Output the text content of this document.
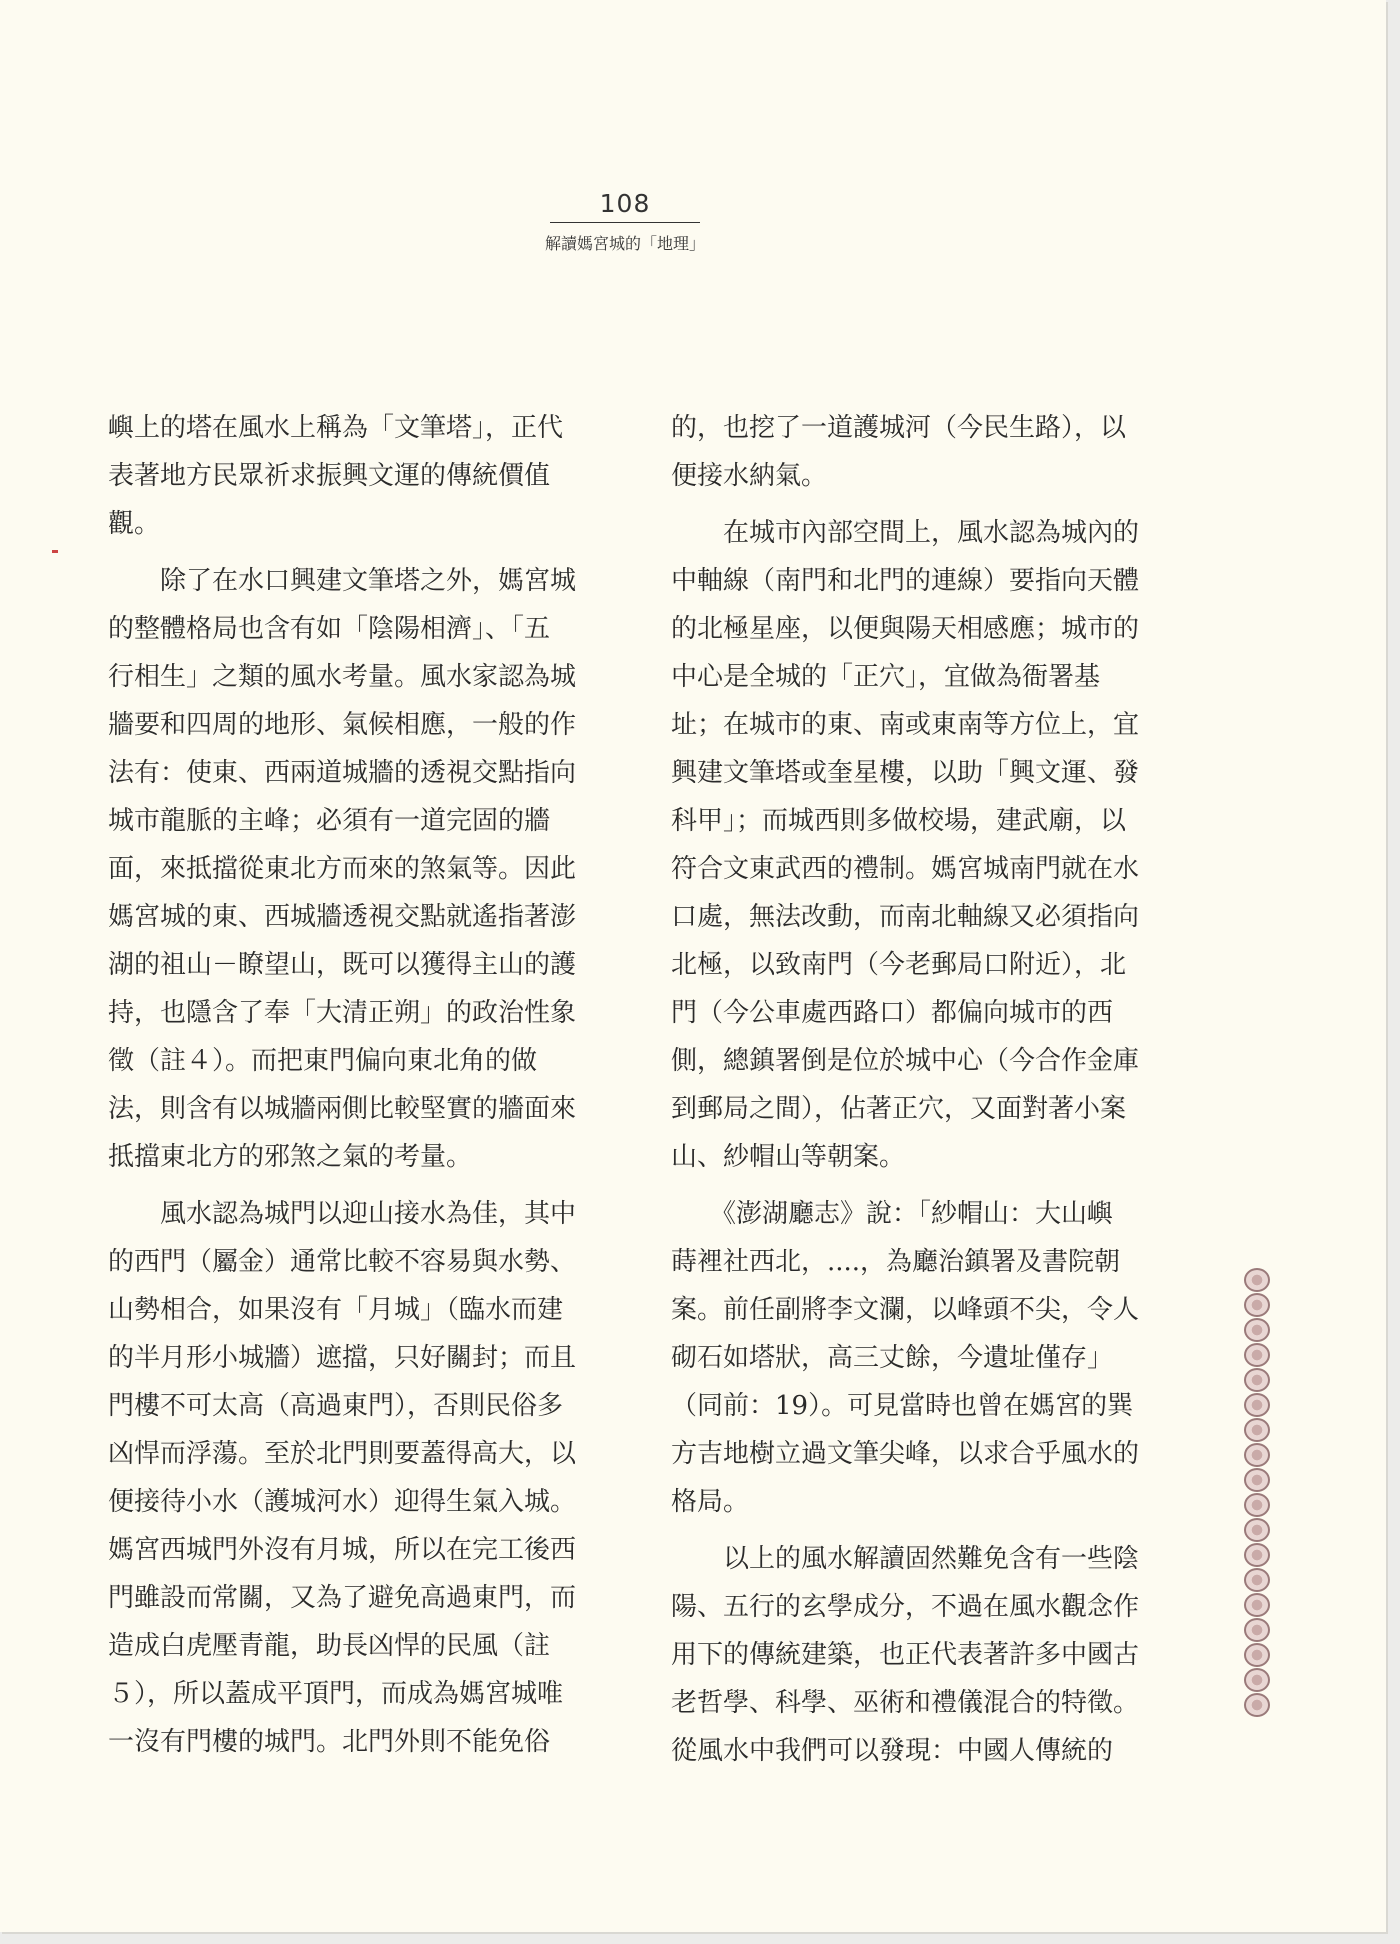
108
解讀媽宮城的「地理」
嶼上的塔在風水上稱為「文筆塔」，正代
表著地方民眾祈求振興文運的傳統價值
觀。
　　除了在水口興建文筆塔之外，媽宮城
的整體格局也含有如「陰陽相濟」、「五
行相生」之類的風水考量。風水家認為城
牆要和四周的地形、氣候相應，一般的作
法有：使東、西兩道城牆的透視交點指向
城市龍脈的主峰；必須有一道完固的牆
面，來抵擋從東北方而來的煞氣等。因此
媽宮城的東、西城牆透視交點就遙指著澎
湖的祖山－瞭望山，既可以獲得主山的護
持，也隱含了奉「大清正朔」的政治性象
徵（註４）。而把東門偏向東北角的做
法，則含有以城牆兩側比較堅實的牆面來
抵擋東北方的邪煞之氣的考量。
　　風水認為城門以迎山接水為佳，其中
的西門（屬金）通常比較不容易與水勢、
山勢相合，如果沒有「月城」（臨水而建
的半月形小城牆）遮擋，只好關封；而且
門樓不可太高（高過東門），否則民俗多
凶悍而浮蕩。至於北門則要蓋得高大，以
便接待小水（護城河水）迎得生氣入城。
媽宮西城門外沒有月城，所以在完工後西
門雖設而常關，又為了避免高過東門，而
造成白虎壓青龍，助長凶悍的民風（註
５），所以蓋成平頂門，而成為媽宮城唯
一沒有門樓的城門。北門外則不能免俗
的，也挖了一道護城河（今民生路），以
便接水納氣。
　　在城市內部空間上，風水認為城內的
中軸線（南門和北門的連線）要指向天體
的北極星座，以便與陽天相感應；城市的
中心是全城的「正穴」，宜做為衙署基
址；在城市的東、南或東南等方位上，宜
興建文筆塔或奎星樓，以助「興文運、發
科甲」；而城西則多做校場，建武廟，以
符合文東武西的禮制。媽宮城南門就在水
口處，無法改動，而南北軸線又必須指向
北極，以致南門（今老郵局口附近），北
門（今公車處西路口）都偏向城市的西
側，總鎮署倒是位於城中心（今合作金庫
到郵局之間），佔著正穴，又面對著小案
山、紗帽山等朝案。
　　《澎湖廳志》說：「紗帽山：大山嶼
蒔裡社西北，....，為廳治鎮署及書院朝
案。前任副將李文瀾，以峰頭不尖，令人
砌石如塔狀，高三丈餘，今遺址僅存」
（同前：19）。可見當時也曾在媽宮的巽
方吉地樹立過文筆尖峰，以求合乎風水的
格局。
　　以上的風水解讀固然難免含有一些陰
陽、五行的玄學成分，不過在風水觀念作
用下的傳統建築，也正代表著許多中國古
老哲學、科學、巫術和禮儀混合的特徵。
從風水中我們可以發現：中國人傳統的
